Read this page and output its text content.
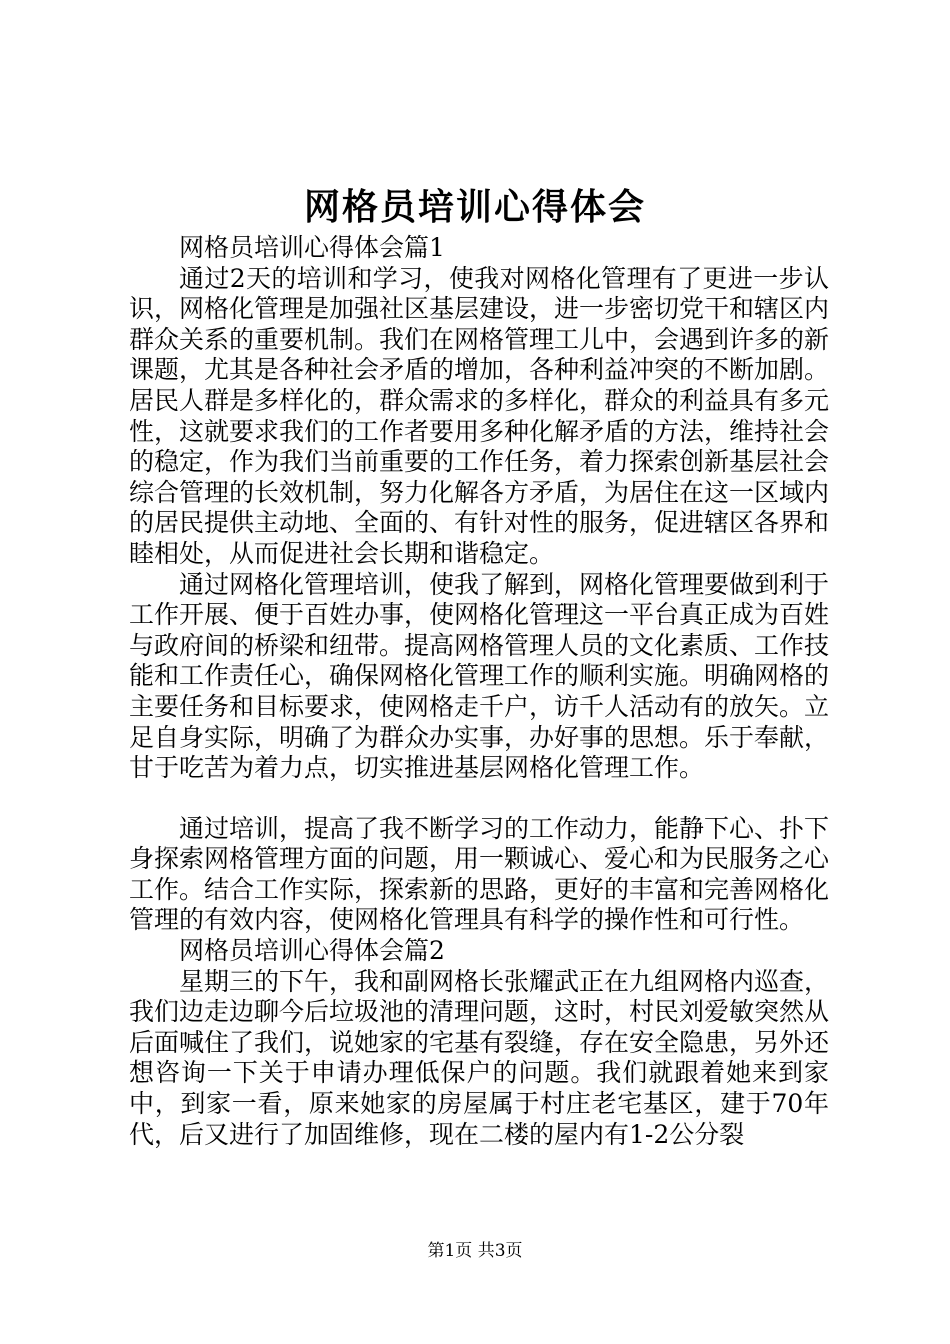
网格员培训心得体会

网格员培训心得体会篇1

通过2天的培训和学习，使我对网格化管理有了更进一步认识，网格化管理是加强社区基层建设，进一步密切党干和辖区内群众关系的重要机制。我们在网格管理工儿中，会遇到许多的新课题，尤其是各种社会矛盾的增加，各种利益冲突的不断加剧。居民人群是多样化的，群众需求的多样化，群众的利益具有多元性，这就要求我们的工作者要用多种化解矛盾的方法，维持社会的稳定，作为我们当前重要的工作任务，着力探索创新基层社会综合管理的长效机制，努力化解各方矛盾，为居住在这一区域内的居民提供主动地、全面的、有针对性的服务，促进辖区各界和睦相处，从而促进社会长期和谐稳定。

通过网格化管理培训，使我了解到，网格化管理要做到利于工作开展、便于百姓办事，使网格化管理这一平台真正成为百姓与政府间的桥梁和纽带。提高网格管理人员的文化素质、工作技能和工作责任心，确保网格化管理工作的顺利实施。明确网格的主要任务和目标要求，使网格走千户，访千人活动有的放矢。立足自身实际，明确了为群众办实事，办好事的思想。乐于奉献，甘于吃苦为着力点，切实推进基层网格化管理工作。

通过培训，提高了我不断学习的工作动力，能静下心、扑下身探索网格管理方面的问题，用一颗诚心、爱心和为民服务之心工作。结合工作实际，探索新的思路，更好的丰富和完善网格化管理的有效内容，使网格化管理具有科学的操作性和可行性。

网格员培训心得体会篇2

星期三的下午，我和副网格长张耀武正在九组网格内巡查，我们边走边聊今后垃圾池的清理问题，这时，村民刘爱敏突然从后面喊住了我们，说她家的宅基有裂缝，存在安全隐患，另外还想咨询一下关于申请办理低保户的问题。我们就跟着她来到家中，到家一看，原来她家的房屋属于村庄老宅基区，建于70年代，后又进行了加固维修，现在二楼的屋内有1-2公分裂

第1页 共3页
